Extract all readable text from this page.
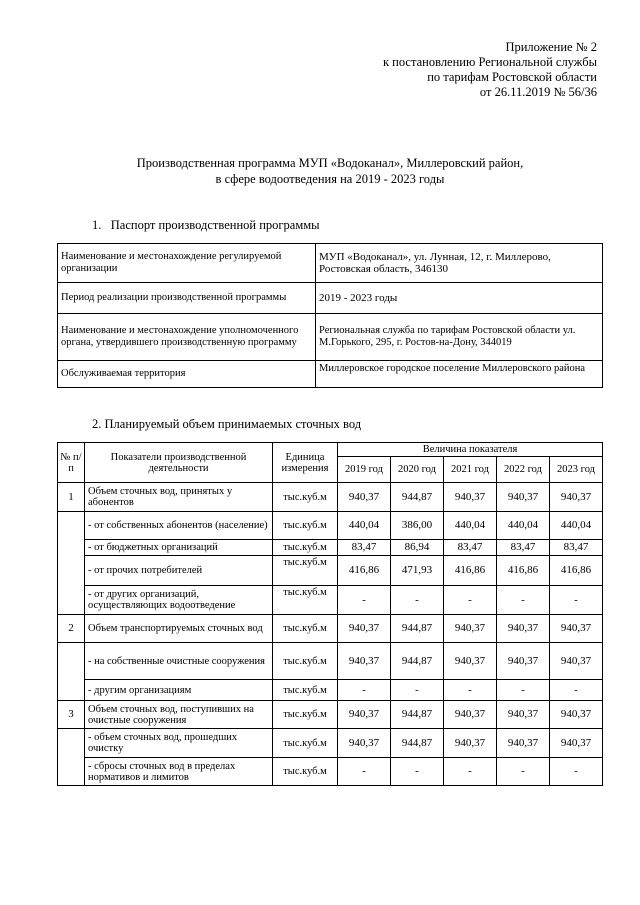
Приложение № 2
к постановлению Региональной службы
по тарифам Ростовской области
от 26.11.2019 № 56/36
Производственная программа МУП «Водоканал», Миллеровский район,
в сфере водоотведения на 2019 - 2023 годы
1. Паспорт производственной программы
Наименование и местонахождение регулируемой организации	МУП «Водоканал», ул. Лунная, 12, г. Миллерово, Ростовская область, 346130
Период реализации производственной программы	2019 - 2023 годы
Наименование и местонахождение уполномоченного органа, утвердившего производственную программу	Региональная служба по тарифам Ростовской области ул. М.Горького, 295, г. Ростов-на-Дону, 344019
Обслуживаемая территория	Миллеровское городское поселение Миллеровского района
2. Планируемый объем принимаемых сточных вод
№ п/п	Показатели производственной деятельности	Единица измерения	Величина показателя				
			2019 год	2020 год	2021 год	2022 год	2023 год
1	Объем сточных вод, принятых у абонентов	тыс.куб.м	940,37	944,87	940,37	940,37	940,37
	- от собственных абонентов (население)	тыс.куб.м	440,04	386,00	440,04	440,04	440,04
	- от бюджетных организаций	тыс.куб.м	83,47	86,94	83,47	83,47	83,47
	- от прочих потребителей	тыс.куб.м	416,86	471,93	416,86	416,86	416,86
	- от других организаций, осуществляющих водоотведение	тыс.куб.м	-	-	-	-	-
2	Объем транспортируемых сточных вод	тыс.куб.м	940,37	944,87	940,37	940,37	940,37
	- на собственные очистные сооружения	тыс.куб.м	940,37	944,87	940,37	940,37	940,37
	- другим организациям	тыс.куб.м	-	-	-	-	-
3	Объем сточных вод, поступивших на очистные сооружения	тыс.куб.м	940,37	944,87	940,37	940,37	940,37
	- объем сточных вод, прошедших очистку	тыс.куб.м	940,37	944,87	940,37	940,37	940,37
	- сбросы сточных вод в пределах нормативов и лимитов	тыс.куб.м	-	-	-	-	-
